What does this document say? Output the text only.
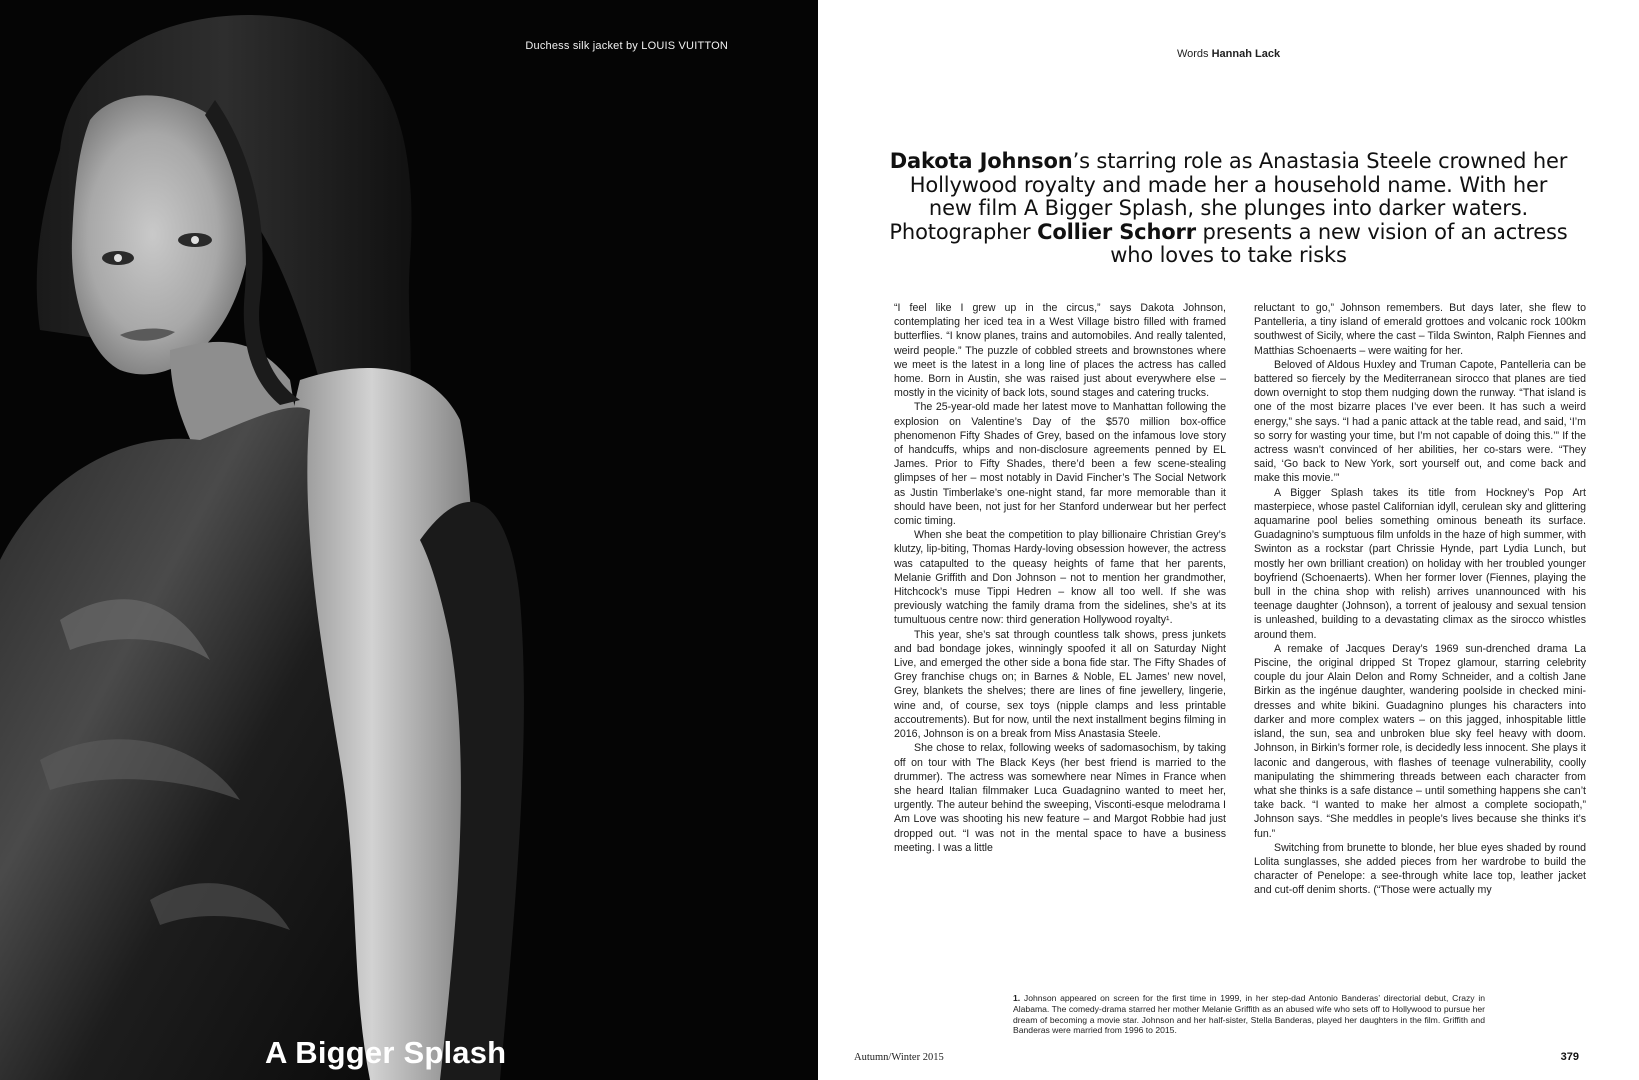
Duchess silk jacket by LOUIS VUITTON
A Bigger Splash
Words Hannah Lack
Dakota Johnson’s starring role as Anastasia Steele crowned her Hollywood royalty and made her a household name. With her new film A Bigger Splash, she plunges into darker waters. Photographer Collier Schorr presents a new vision of an actress who loves to take risks

“I feel like I grew up in the circus,” says Dakota Johnson, contemplating her iced tea in a West Village bistro filled with framed butterflies. “I know planes, trains and automobiles. And really talented, weird people.” The puzzle of cobbled streets and brownstones where we meet is the latest in a long line of places the actress has called home. Born in Austin, she was raised just about everywhere else – mostly in the vicinity of back lots, sound stages and catering trucks.

The 25-year-old made her latest move to Manhattan following the explosion on Valentine’s Day of the $570 million box-office phenomenon Fifty Shades of Grey, based on the infamous love story of handcuffs, whips and non-disclosure agreements penned by EL James. Prior to Fifty Shades, there’d been a few scene-stealing glimpses of her – most notably in David Fincher’s The Social Network as Justin Timberlake’s one-night stand, far more memorable than it should have been, not just for her Stanford underwear but her perfect comic timing.

When she beat the competition to play billionaire Christian Grey’s klutzy, lip-biting, Thomas Hardy-loving obsession however, the actress was catapulted to the queasy heights of fame that her parents, Melanie Griffith and Don Johnson – not to mention her grandmother, Hitchcock’s muse Tippi Hedren – know all too well. If she was previously watching the family drama from the sidelines, she’s at its tumultuous centre now: third generation Hollywood royalty¹.

This year, she’s sat through countless talk shows, press junkets and bad bondage jokes, winningly spoofed it all on Saturday Night Live, and emerged the other side a bona fide star. The Fifty Shades of Grey franchise chugs on; in Barnes & Noble, EL James’ new novel, Grey, blankets the shelves; there are lines of fine jewellery, lingerie, wine and, of course, sex toys (nipple clamps and less printable accoutrements). But for now, until the next installment begins filming in 2016, Johnson is on a break from Miss Anastasia Steele.

She chose to relax, following weeks of sadomasochism, by taking off on tour with The Black Keys (her best friend is married to the drummer). The actress was somewhere near Nîmes in France when she heard Italian filmmaker Luca Guadagnino wanted to meet her, urgently. The auteur behind the sweeping, Visconti-esque melodrama I Am Love was shooting his new feature – and Margot Robbie had just dropped out. “I was not in the mental space to have a business meeting. I was a little

reluctant to go,” Johnson remembers. But days later, she flew to Pantelleria, a tiny island of emerald grottoes and volcanic rock 100km southwest of Sicily, where the cast – Tilda Swinton, Ralph Fiennes and Matthias Schoenaerts – were waiting for her.

Beloved of Aldous Huxley and Truman Capote, Pantelleria can be battered so fiercely by the Mediterranean sirocco that planes are tied down overnight to stop them nudging down the runway. “That island is one of the most bizarre places I’ve ever been. It has such a weird energy,” she says. “I had a panic attack at the table read, and said, ‘I’m so sorry for wasting your time, but I’m not capable of doing this.’” If the actress wasn’t convinced of her abilities, her co-stars were. “They said, ‘Go back to New York, sort yourself out, and come back and make this movie.’”

A Bigger Splash takes its title from Hockney’s Pop Art masterpiece, whose pastel Californian idyll, cerulean sky and glittering aquamarine pool belies something ominous beneath its surface. Guadagnino’s sumptuous film unfolds in the haze of high summer, with Swinton as a rockstar (part Chrissie Hynde, part Lydia Lunch, but mostly her own brilliant creation) on holiday with her troubled younger boyfriend (Schoenaerts). When her former lover (Fiennes, playing the bull in the china shop with relish) arrives unannounced with his teenage daughter (Johnson), a torrent of jealousy and sexual tension is unleashed, building to a devastating climax as the sirocco whistles around them.

A remake of Jacques Deray’s 1969 sun-drenched drama La Piscine, the original dripped St Tropez glamour, starring celebrity couple du jour Alain Delon and Romy Schneider, and a coltish Jane Birkin as the ingénue daughter, wandering poolside in checked mini-dresses and white bikini. Guadagnino plunges his characters into darker and more complex waters – on this jagged, inhospitable little island, the sun, sea and unbroken blue sky feel heavy with doom. Johnson, in Birkin’s former role, is decidedly less innocent. She plays it laconic and dangerous, with flashes of teenage vulnerability, coolly manipulating the shimmering threads between each character from what she thinks is a safe distance – until something happens she can’t take back. “I wanted to make her almost a complete sociopath,” Johnson says. “She meddles in people’s lives because she thinks it’s fun.”

Switching from brunette to blonde, her blue eyes shaded by round Lolita sunglasses, she added pieces from her wardrobe to build the character of Penelope: a see-through white lace top, leather jacket and cut-off denim shorts. (“Those were actually my

1. Johnson appeared on screen for the first time in 1999, in her step-dad Antonio Banderas’ directorial debut, Crazy in Alabama. The comedy-drama starred her mother Melanie Griffith as an abused wife who sets off to Hollywood to pursue her dream of becoming a movie star. Johnson and her half-sister, Stella Banderas, played her daughters in the film. Griffith and Banderas were married from 1996 to 2015.
Autumn/Winter 2015	379
